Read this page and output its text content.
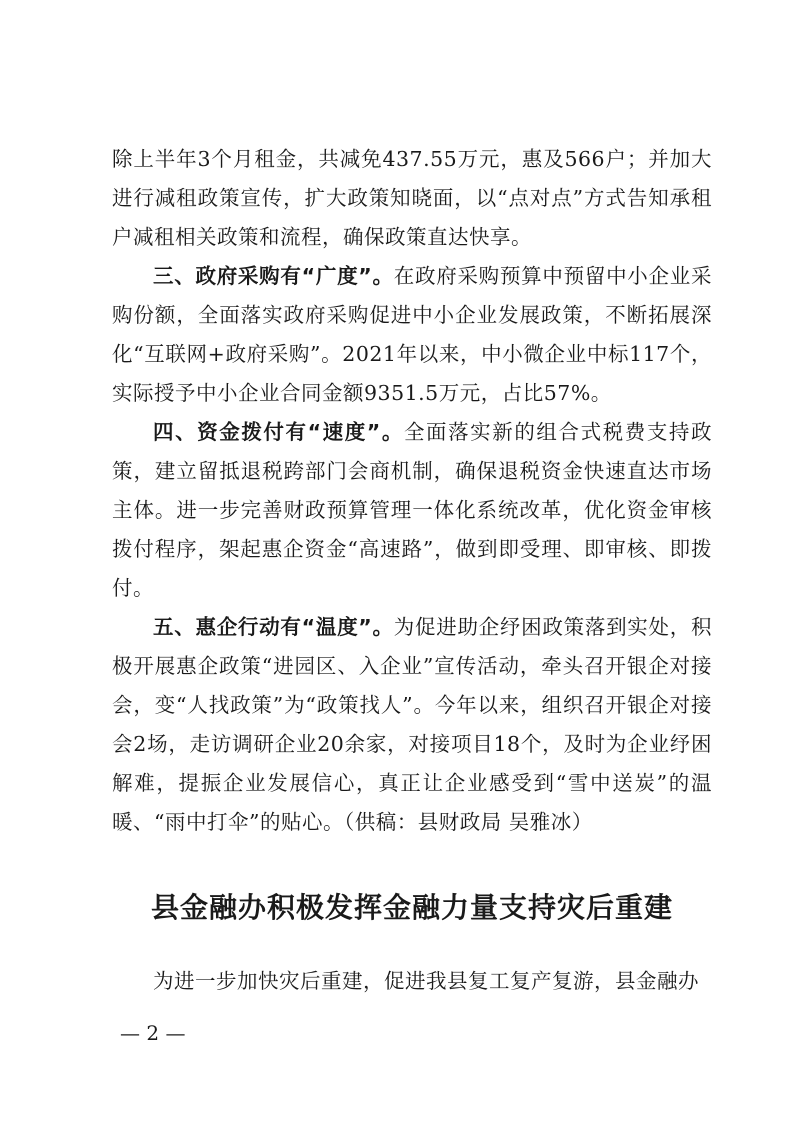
除上半年3个月租金，共减免437.55万元，惠及566户；并加大进行减租政策宣传，扩大政策知晓面，以“点对点”方式告知承租户减租相关政策和流程，确保政策直达快享。

三、政府采购有“广度”。在政府采购预算中预留中小企业采购份额，全面落实政府采购促进中小企业发展政策，不断拓展深化“互联网+政府采购”。2021年以来，中小微企业中标117个，实际授予中小企业合同金额9351.5万元，占比57%。

四、资金拨付有“速度”。全面落实新的组合式税费支持政策，建立留抵退税跨部门会商机制，确保退税资金快速直达市场主体。进一步完善财政预算管理一体化系统改革，优化资金审核拨付程序，架起惠企资金“高速路”，做到即受理、即审核、即拨付。

五、惠企行动有“温度”。为促进助企纾困政策落到实处，积极开展惠企政策“进园区、入企业”宣传活动，牵头召开银企对接会，变“人找政策”为“政策找人”。今年以来，组织召开银企对接会2场，走访调研企业20余家，对接项目18个，及时为企业纾困解难，提振企业发展信心，真正让企业感受到“雪中送炭”的温暖、“雨中打伞”的贴心。（供稿：县财政局 吴雅冰）

县金融办积极发挥金融力量支持灾后重建

为进一步加快灾后重建，促进我县复工复产复游，县金融办

— 2 —
